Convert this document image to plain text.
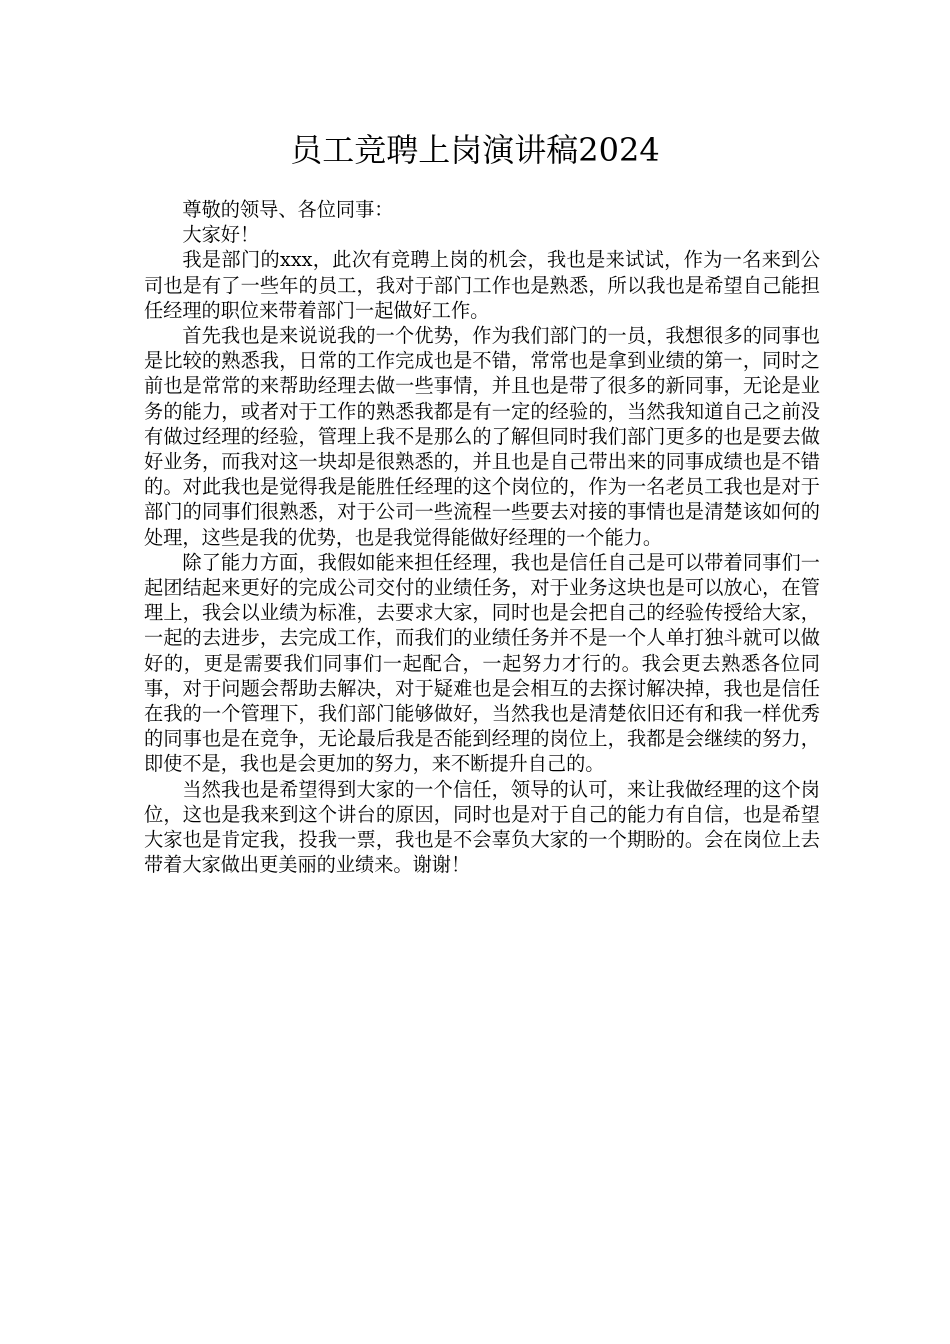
员工竞聘上岗演讲稿2024

尊敬的领导、各位同事：

大家好！

我是部门的xxx，此次有竞聘上岗的机会，我也是来试试，作为一名来到公司也是有了一些年的员工，我对于部门工作也是熟悉，所以我也是希望自己能担任经理的职位来带着部门一起做好工作。

首先我也是来说说我的一个优势，作为我们部门的一员，我想很多的同事也是比较的熟悉我，日常的工作完成也是不错，常常也是拿到业绩的第一，同时之前也是常常的来帮助经理去做一些事情，并且也是带了很多的新同事，无论是业务的能力，或者对于工作的熟悉我都是有一定的经验的，当然我知道自己之前没有做过经理的经验，管理上我不是那么的了解但同时我们部门更多的也是要去做好业务，而我对这一块却是很熟悉的，并且也是自己带出来的同事成绩也是不错的。对此我也是觉得我是能胜任经理的这个岗位的，作为一名老员工我也是对于部门的同事们很熟悉，对于公司一些流程一些要去对接的事情也是清楚该如何的处理，这些是我的优势，也是我觉得能做好经理的一个能力。

除了能力方面，我假如能来担任经理，我也是信任自己是可以带着同事们一起团结起来更好的完成公司交付的业绩任务，对于业务这块也是可以放心，在管理上，我会以业绩为标准，去要求大家，同时也是会把自己的经验传授给大家，一起的去进步，去完成工作，而我们的业绩任务并不是一个人单打独斗就可以做好的，更是需要我们同事们一起配合，一起努力才行的。我会更去熟悉各位同事，对于问题会帮助去解决，对于疑难也是会相互的去探讨解决掉，我也是信任在我的一个管理下，我们部门能够做好，当然我也是清楚依旧还有和我一样优秀的同事也是在竞争，无论最后我是否能到经理的岗位上，我都是会继续的努力，即使不是，我也是会更加的努力，来不断提升自己的。

当然我也是希望得到大家的一个信任，领导的认可，来让我做经理的这个岗位，这也是我来到这个讲台的原因，同时也是对于自己的能力有自信，也是希望大家也是肯定我，投我一票，我也是不会辜负大家的一个期盼的。会在岗位上去带着大家做出更美丽的业绩来。谢谢！
